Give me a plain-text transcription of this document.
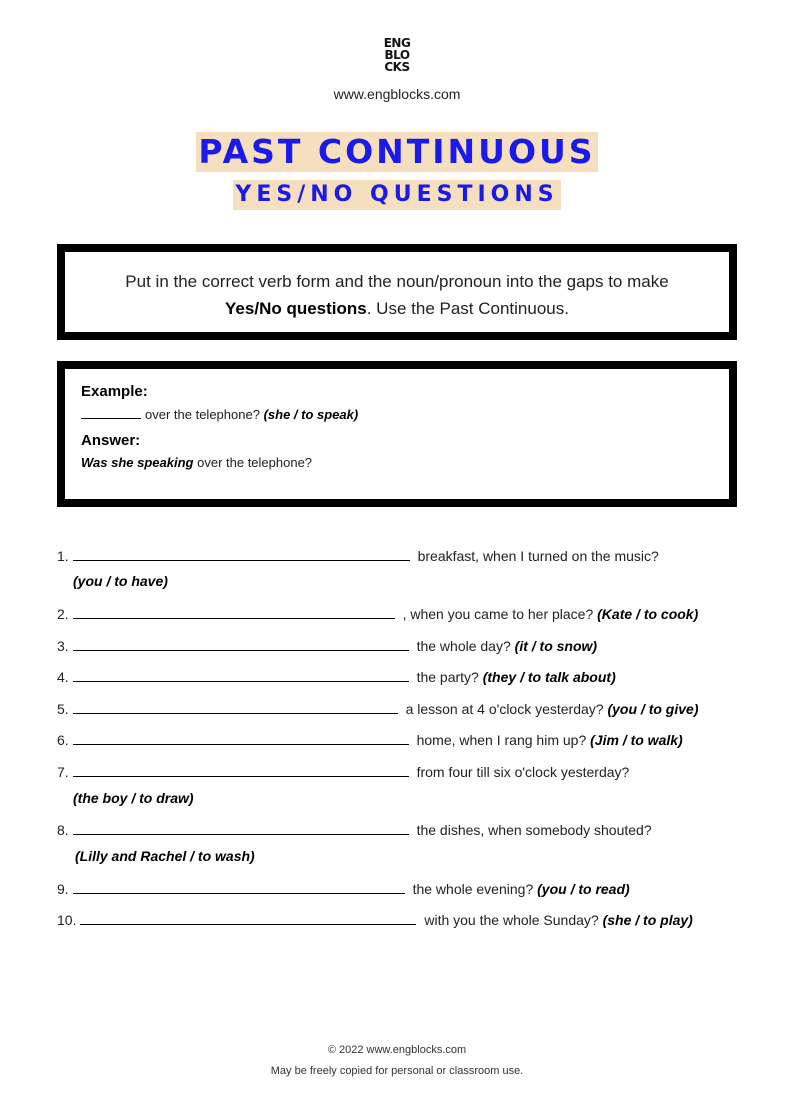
ENG
BLO
CKS
www.engblocks.com
PAST CONTINUOUS
YES/NO QUESTIONS
Put in the correct verb form and the noun/pronoun into the gaps to make
Yes/No questions. Use the Past Continuous.
Example:
over the telephone? (she / to speak)
Answer:
Was she speaking over the telephone?
1.	breakfast, when I turned on the music?
(you / to have)
2.	, when you came to her place? (Kate / to cook)
3.	the whole day? (it / to snow)
4.	the party? (they / to talk about)
5.	a lesson at 4 o'clock yesterday? (you / to give)
6.	home, when I rang him up? (Jim / to walk)
7.	from four till six o'clock yesterday?
(the boy / to draw)
8.	the dishes, when somebody shouted?
(Lilly and Rachel / to wash)
9.	the whole evening? (you / to read)
10.	with you the whole Sunday? (she / to play)
© 2022 www.engblocks.com
May be freely copied for personal or classroom use.
